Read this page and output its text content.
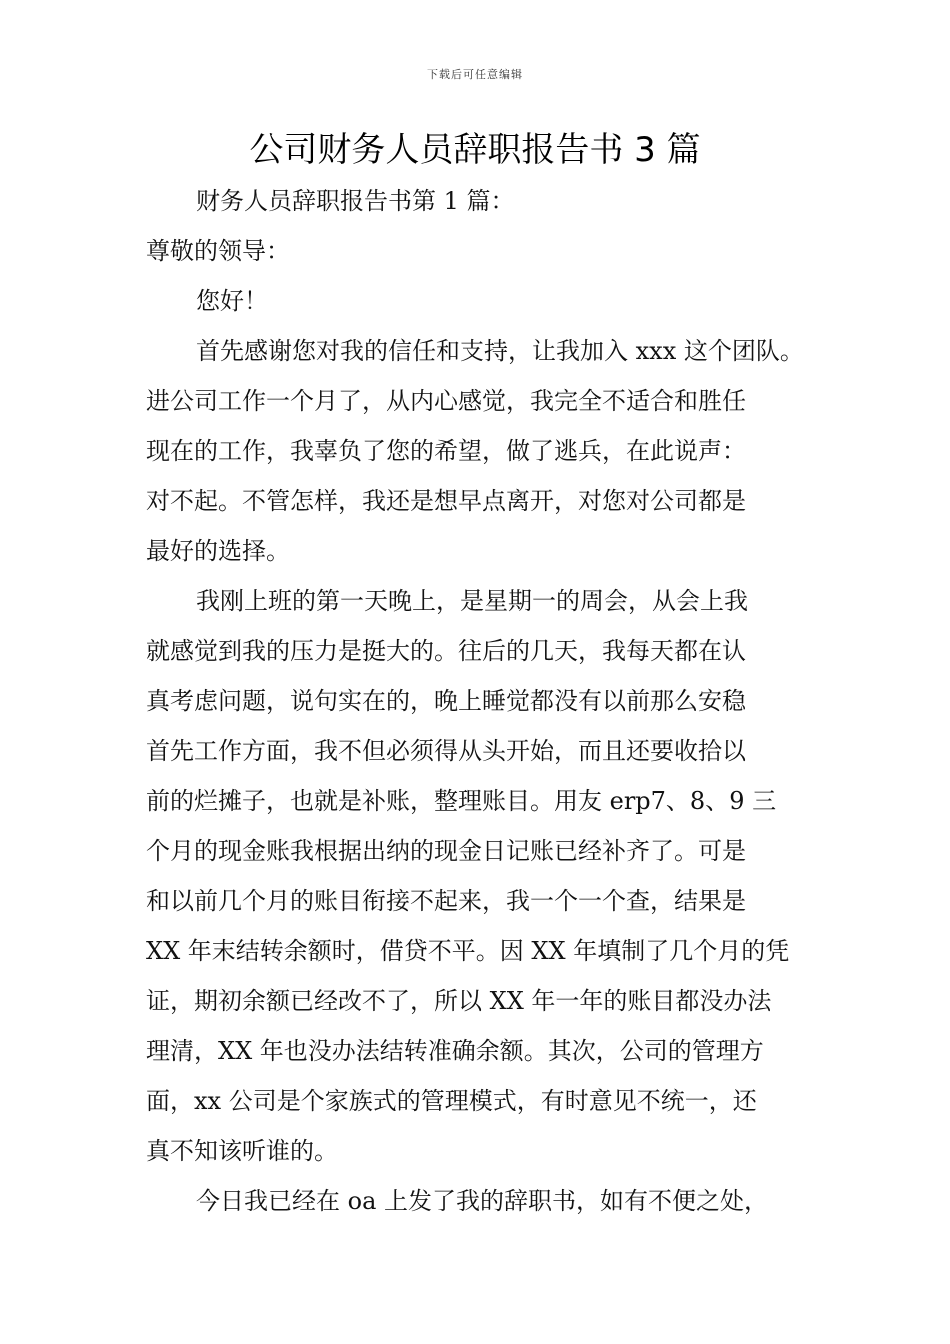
下载后可任意编辑
公司财务人员辞职报告书 3 篇
财务人员辞职报告书第 1 篇：
尊敬的领导：
您好！
首先感谢您对我的信任和支持，让我加入 xxx 这个团队。
进公司工作一个月了，从内心感觉，我完全不适合和胜任
现在的工作，我辜负了您的希望，做了逃兵，在此说声：
对不起。不管怎样，我还是想早点离开，对您对公司都是
最好的选择。
我刚上班的第一天晚上，是星期一的周会，从会上我
就感觉到我的压力是挺大的。往后的几天，我每天都在认
真考虑问题，说句实在的，晚上睡觉都没有以前那么安稳
首先工作方面，我不但必须得从头开始，而且还要收拾以
前的烂摊子，也就是补账，整理账目。用友 erp7、8、9 三
个月的现金账我根据出纳的现金日记账已经补齐了。可是
和以前几个月的账目衔接不起来，我一个一个查，结果是
XX 年末结转余额时，借贷不平。因 XX 年填制了几个月的凭
证，期初余额已经改不了，所以 XX 年一年的账目都没办法
理清，XX 年也没办法结转准确余额。其次，公司的管理方
面，xx 公司是个家族式的管理模式，有时意见不统一，还
真不知该听谁的。
今日我已经在 oa 上发了我的辞职书，如有不便之处，
